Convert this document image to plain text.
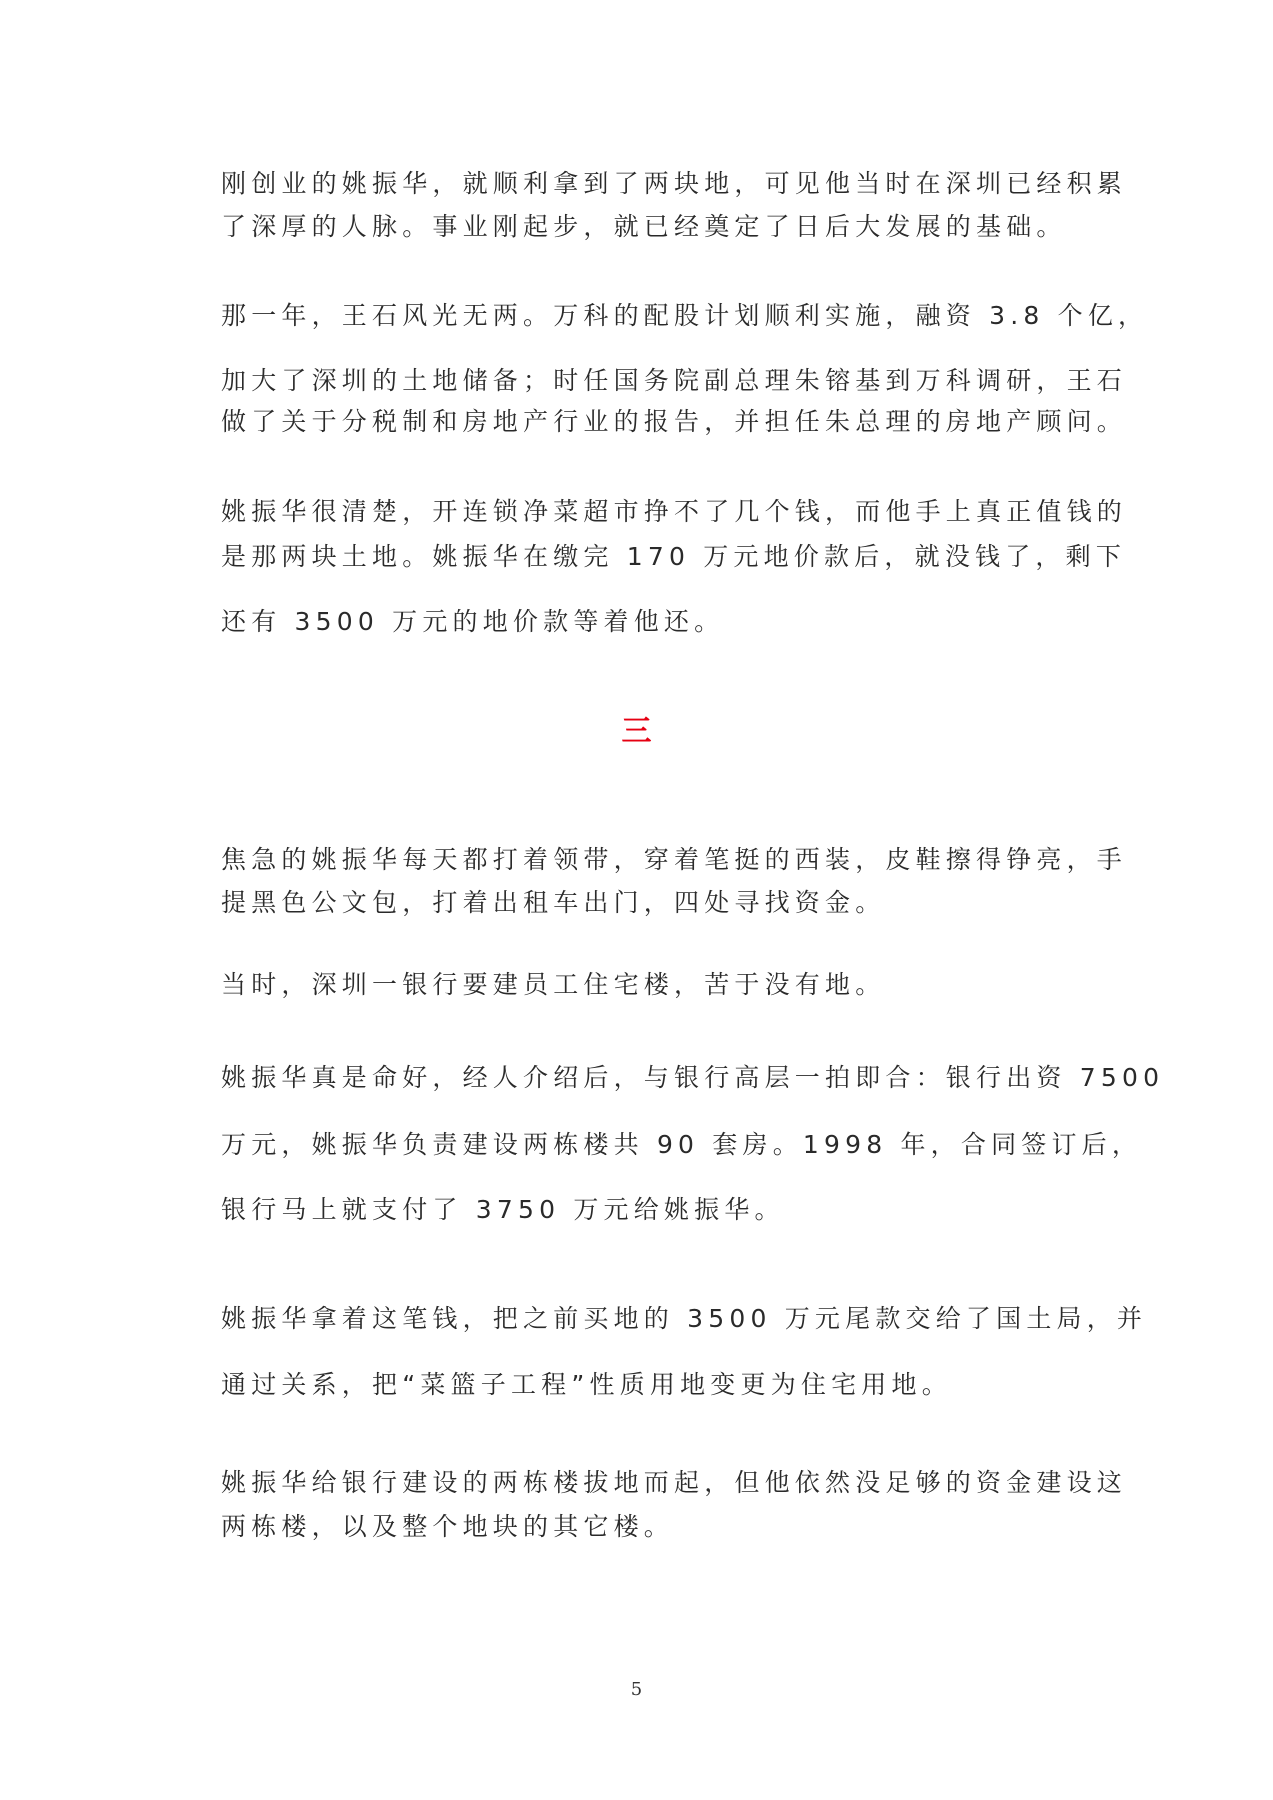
刚创业的姚振华，就顺利拿到了两块地，可见他当时在深圳已经积累
了深厚的人脉。事业刚起步，就已经奠定了日后大发展的基础。
那一年，王石风光无两。万科的配股计划顺利实施，融资 3.8 个亿，
加大了深圳的土地储备；时任国务院副总理朱镕基到万科调研，王石
做了关于分税制和房地产行业的报告，并担任朱总理的房地产顾问。
姚振华很清楚，开连锁净菜超市挣不了几个钱，而他手上真正值钱的
是那两块土地。姚振华在缴完 170 万元地价款后，就没钱了，剩下
还有 3500 万元的地价款等着他还。
三
焦急的姚振华每天都打着领带，穿着笔挺的西装，皮鞋擦得铮亮，手
提黑色公文包，打着出租车出门，四处寻找资金。
当时，深圳一银行要建员工住宅楼，苦于没有地。
姚振华真是命好，经人介绍后，与银行高层一拍即合：银行出资 7500
万元，姚振华负责建设两栋楼共 90 套房。1998 年，合同签订后，
银行马上就支付了 3750 万元给姚振华。
姚振华拿着这笔钱，把之前买地的 3500 万元尾款交给了国土局，并
通过关系，把“菜篮子工程”性质用地变更为住宅用地。
姚振华给银行建设的两栋楼拔地而起，但他依然没足够的资金建设这
两栋楼，以及整个地块的其它楼。
5
